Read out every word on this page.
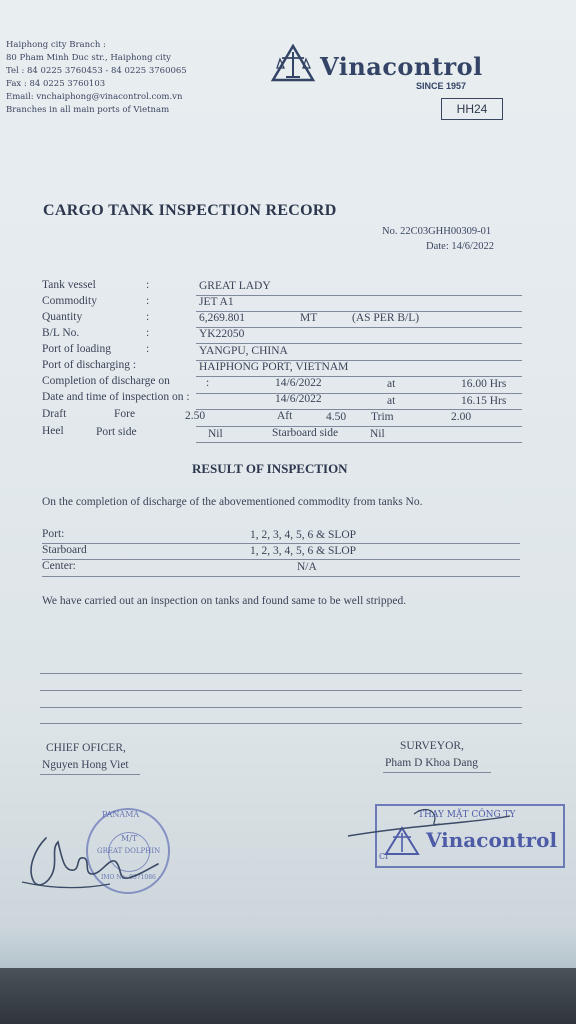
Haiphong city Branch :
80 Pham Minh Duc str., Haiphong city
Tel : 84 0225 3760453 - 84 0225 3760065
Fax : 84 0225 3760103
Email: vnchaiphong@vinacontrol.com.vn
Branches in all main ports of Vietnam
Vinacontrol
SINCE 1957
HH24
CARGO TANK INSPECTION RECORD
No. 22C03GHH00309-01
Date: 14/6/2022
Tank vessel	:	GREAT LADY
Commodity	:	JET A1
Quantity	:	6,269.801	MT	(AS PER B/L)
B/L No.	:	YK22050
Port of loading	:	YANGPU, CHINA
Port of discharging :	HAIPHONG PORT, VIETNAM
Completion of discharge on	:	14/6/2022	at	16.00 Hrs
Date and time of inspection on :	14/6/2022	at	16.15 Hrs
Draft	Fore	2.50	Aft	4.50 Trim	2.00
Heel	Port side	Nil	Starboard side	Nil
RESULT OF INSPECTION
On the completion of discharge of the abovementioned commodity from tanks No.
Port:	1, 2, 3, 4, 5, 6 & SLOP
Starboard	1, 2, 3, 4, 5, 6 & SLOP
Center:	N/A
We have carried out an inspection on tanks and found same to be well stripped.
CHIEF OFICER,
Nguyen Hong Viet
SURVEYOR,
Pham D Khoa Dang
PANAMA
M/T
GREAT DOLPHIN
IMO No: 9371086
THAY MẶT CÔNG TY
Vinacontrol
CI
